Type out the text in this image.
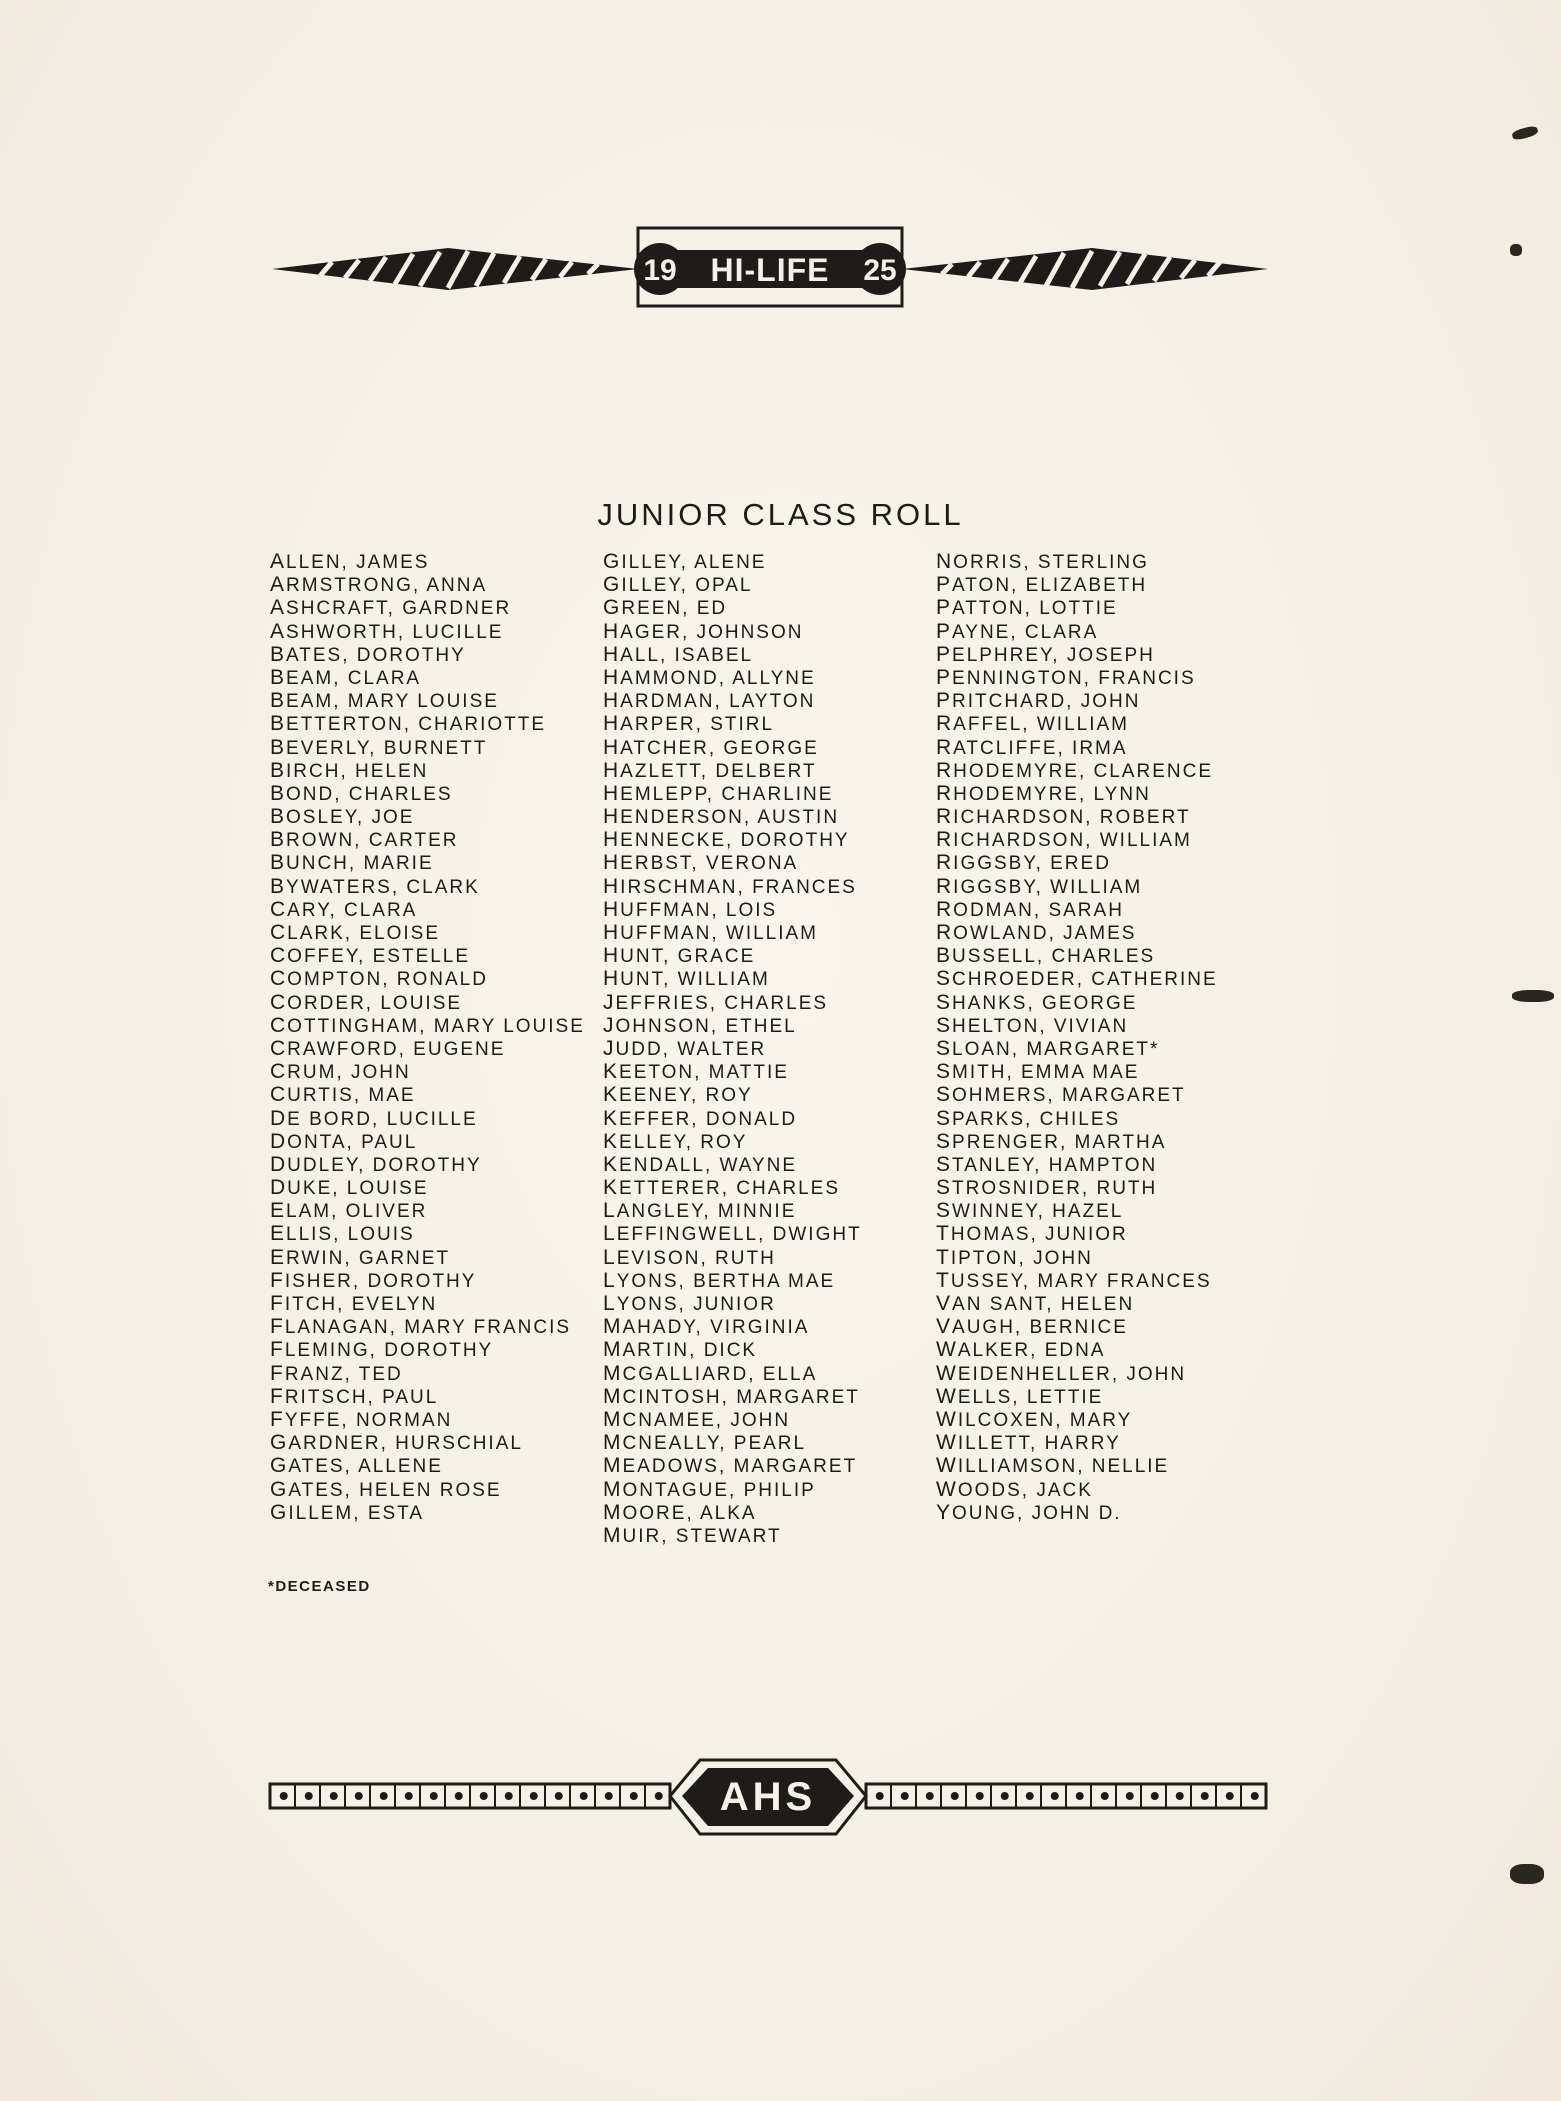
19 HI-LIFE 25
JUNIOR CLASS ROLL
ALLEN, JAMES
ARMSTRONG, ANNA
ASHCRAFT, GARDNER
ASHWORTH, LUCILLE
BATES, DOROTHY
BEAM, CLARA
BEAM, MARY LOUISE
BETTERTON, CHARIOTTE
BEVERLY, BURNETT
BIRCH, HELEN
BOND, CHARLES
BOSLEY, JOE
BROWN, CARTER
BUNCH, MARIE
BYWATERS, CLARK
CARY, CLARA
CLARK, ELOISE
COFFEY, ESTELLE
COMPTON, RONALD
CORDER, LOUISE
COTTINGHAM, MARY LOUISE
CRAWFORD, EUGENE
CRUM, JOHN
CURTIS, MAE
DE BORD, LUCILLE
DONTA, PAUL
DUDLEY, DOROTHY
DUKE, LOUISE
ELAM, OLIVER
ELLIS, LOUIS
ERWIN, GARNET
FISHER, DOROTHY
FITCH, EVELYN
FLANAGAN, MARY FRANCIS
FLEMING, DOROTHY
FRANZ, TED
FRITSCH, PAUL
FYFFE, NORMAN
GARDNER, HURSCHIAL
GATES, ALLENE
GATES, HELEN ROSE
GILLEM, ESTA
GILLEY, ALENE
GILLEY, OPAL
GREEN, ED
HAGER, JOHNSON
HALL, ISABEL
HAMMOND, ALLYNE
HARDMAN, LAYTON
HARPER, STIRL
HATCHER, GEORGE
HAZLETT, DELBERT
HEMLEPP, CHARLINE
HENDERSON, AUSTIN
HENNECKE, DOROTHY
HERBST, VERONA
HIRSCHMAN, FRANCES
HUFFMAN, LOIS
HUFFMAN, WILLIAM
HUNT, GRACE
HUNT, WILLIAM
JEFFRIES, CHARLES
JOHNSON, ETHEL
JUDD, WALTER
KEETON, MATTIE
KEENEY, ROY
KEFFER, DONALD
KELLEY, ROY
KENDALL, WAYNE
KETTERER, CHARLES
LANGLEY, MINNIE
LEFFINGWELL, DWIGHT
LEVISON, RUTH
LYONS, BERTHA MAE
LYONS, JUNIOR
MAHADY, VIRGINIA
MARTIN, DICK
MCGALLIARD, ELLA
MCINTOSH, MARGARET
MCNAMEE, JOHN
MCNEALLY, PEARL
MEADOWS, MARGARET
MONTAGUE, PHILIP
MOORE, ALKA
MUIR, STEWART
NORRIS, STERLING
PATON, ELIZABETH
PATTON, LOTTIE
PAYNE, CLARA
PELPHREY, JOSEPH
PENNINGTON, FRANCIS
PRITCHARD, JOHN
RAFFEL, WILLIAM
RATCLIFFE, IRMA
RHODEMYRE, CLARENCE
RHODEMYRE, LYNN
RICHARDSON, ROBERT
RICHARDSON, WILLIAM
RIGGSBY, ERED
RIGGSBY, WILLIAM
RODMAN, SARAH
ROWLAND, JAMES
BUSSELL, CHARLES
SCHROEDER, CATHERINE
SHANKS, GEORGE
SHELTON, VIVIAN
SLOAN, MARGARET*
SMITH, EMMA MAE
SOHMERS, MARGARET
SPARKS, CHILES
SPRENGER, MARTHA
STANLEY, HAMPTON
STROSNIDER, RUTH
SWINNEY, HAZEL
THOMAS, JUNIOR
TIPTON, JOHN
TUSSEY, MARY FRANCES
VAN SANT, HELEN
VAUGH, BERNICE
WALKER, EDNA
WEIDENHELLER, JOHN
WELLS, LETTIE
WILCOXEN, MARY
WILLETT, HARRY
WILLIAMSON, NELLIE
WOODS, JACK
YOUNG, JOHN D.
*DECEASED
AHS
